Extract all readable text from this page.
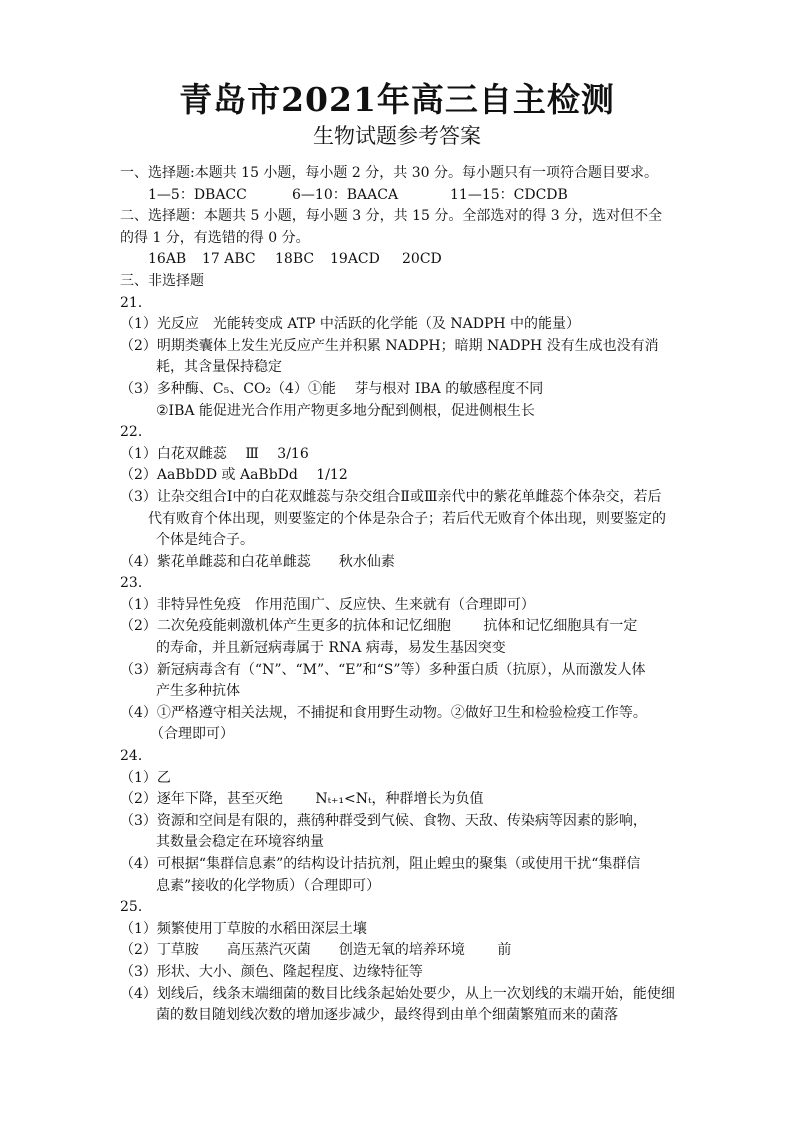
青岛市2021年高三自主检测
生物试题参考答案
一、选择题:本题共 15 小题，每小题 2 分，共 30 分。每小题只有一项符合题目要求。
1—5：DBACC	6—10：BAACA	11—15：CDCDB
二、选择题：本题共 5 小题，每小题 3 分，共 15 分。全部选对的得 3 分，选对但不全
的得 1 分，有选错的得 0 分。
16AB 17 ABC 18BC 19ACD 20CD
三、非选择题
21．
（1）光反应　光能转变成 ATP 中活跃的化学能（及 NADPH 中的能量）
（2）明期类囊体上发生光反应产生并积累 NADPH；暗期 NADPH 没有生成也没有消
耗，其含量保持稳定
（3）多种酶、C₅、CO₂（4）①能　 芽与根对 IBA 的敏感程度不同
②IBA 能促进光合作用产物更多地分配到侧根，促进侧根生长
22．
（1）白花双雌蕊　 Ⅲ　 3/16
（2）AaBbDD 或 AaBbDd　 1/12
（3）让杂交组合Ⅰ中的白花双雌蕊与杂交组合Ⅱ或Ⅲ亲代中的紫花单雌蕊个体杂交，若后
代有败育个体出现，则要鉴定的个体是杂合子；若后代无败育个体出现，则要鉴定的
个体是纯合子。
（4）紫花单雌蕊和白花单雌蕊　　秋水仙素
23．
（1）非特异性免疫　作用范围广、反应快、生来就有（合理即可）
（2）二次免疫能刺激机体产生更多的抗体和记忆细胞　　 抗体和记忆细胞具有一定
的寿命，并且新冠病毒属于 RNA 病毒，易发生基因突变
（3）新冠病毒含有（“N”、“M”、“E”和“S”等）多种蛋白质（抗原），从而激发人体
产生多种抗体
（4）①严格遵守相关法规，不捕捉和食用野生动物。②做好卫生和检验检疫工作等。
（合理即可）
24．
（1）乙
（2）逐年下降，甚至灭绝　　 Nₜ₊₁<Nₜ，种群增长为负值
（3）资源和空间是有限的，燕鸻种群受到气候、食物、天敌、传染病等因素的影响，
其数量会稳定在环境容纳量
（4）可根据“集群信息素”的结构设计拮抗剂，阻止蝗虫的聚集（或使用干扰“集群信
息素”接收的化学物质）（合理即可）
25．
（1）频繁使用丁草胺的水稻田深层土壤
（2）丁草胺　　高压蒸汽灭菌　　创造无氧的培养环境　　 前
（3）形状、大小、颜色、隆起程度、边缘特征等
（4）划线后，线条末端细菌的数目比线条起始处要少，从上一次划线的末端开始，能使细
菌的数目随划线次数的增加逐步减少，最终得到由单个细菌繁殖而来的菌落
